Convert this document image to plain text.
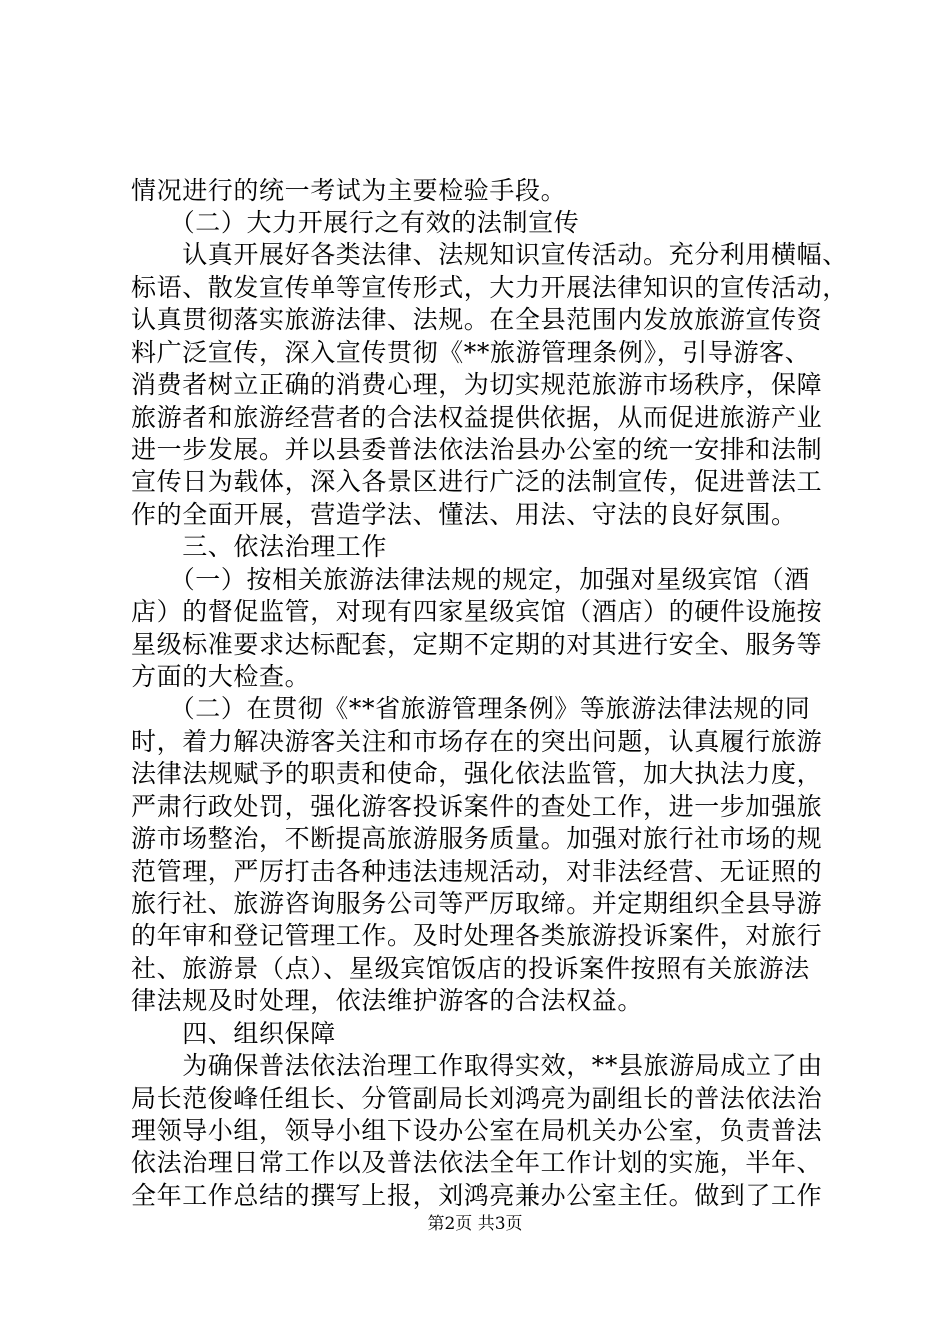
情况进行的统一考试为主要检验手段。
　　（二）大力开展行之有效的法制宣传
　　认真开展好各类法律、法规知识宣传活动。充分利用横幅、
标语、散发宣传单等宣传形式，大力开展法律知识的宣传活动，
认真贯彻落实旅游法律、法规。在全县范围内发放旅游宣传资
料广泛宣传，深入宣传贯彻《**旅游管理条例》，引导游客、
消费者树立正确的消费心理，为切实规范旅游市场秩序，保障
旅游者和旅游经营者的合法权益提供依据，从而促进旅游产业
进一步发展。并以县委普法依法治县办公室的统一安排和法制
宣传日为载体，深入各景区进行广泛的法制宣传，促进普法工
作的全面开展，营造学法、懂法、用法、守法的良好氛围。
　　三、依法治理工作
　　（一）按相关旅游法律法规的规定，加强对星级宾馆（酒
店）的督促监管，对现有四家星级宾馆（酒店）的硬件设施按
星级标准要求达标配套，定期不定期的对其进行安全、服务等
方面的大检查。
　　（二）在贯彻《**省旅游管理条例》等旅游法律法规的同
时，着力解决游客关注和市场存在的突出问题，认真履行旅游
法律法规赋予的职责和使命，强化依法监管，加大执法力度，
严肃行政处罚，强化游客投诉案件的查处工作，进一步加强旅
游市场整治，不断提高旅游服务质量。加强对旅行社市场的规
范管理，严厉打击各种违法违规活动，对非法经营、无证照的
旅行社、旅游咨询服务公司等严厉取缔。并定期组织全县导游
的年审和登记管理工作。及时处理各类旅游投诉案件，对旅行
社、旅游景（点）、星级宾馆饭店的投诉案件按照有关旅游法
律法规及时处理，依法维护游客的合法权益。
　　四、组织保障
　　为确保普法依法治理工作取得实效，**县旅游局成立了由
局长范俊峰任组长、分管副局长刘鸿亮为副组长的普法依法治
理领导小组，领导小组下设办公室在局机关办公室，负责普法
依法治理日常工作以及普法依法全年工作计划的实施，半年、
全年工作总结的撰写上报，刘鸿亮兼办公室主任。做到了工作
第2页 共3页
